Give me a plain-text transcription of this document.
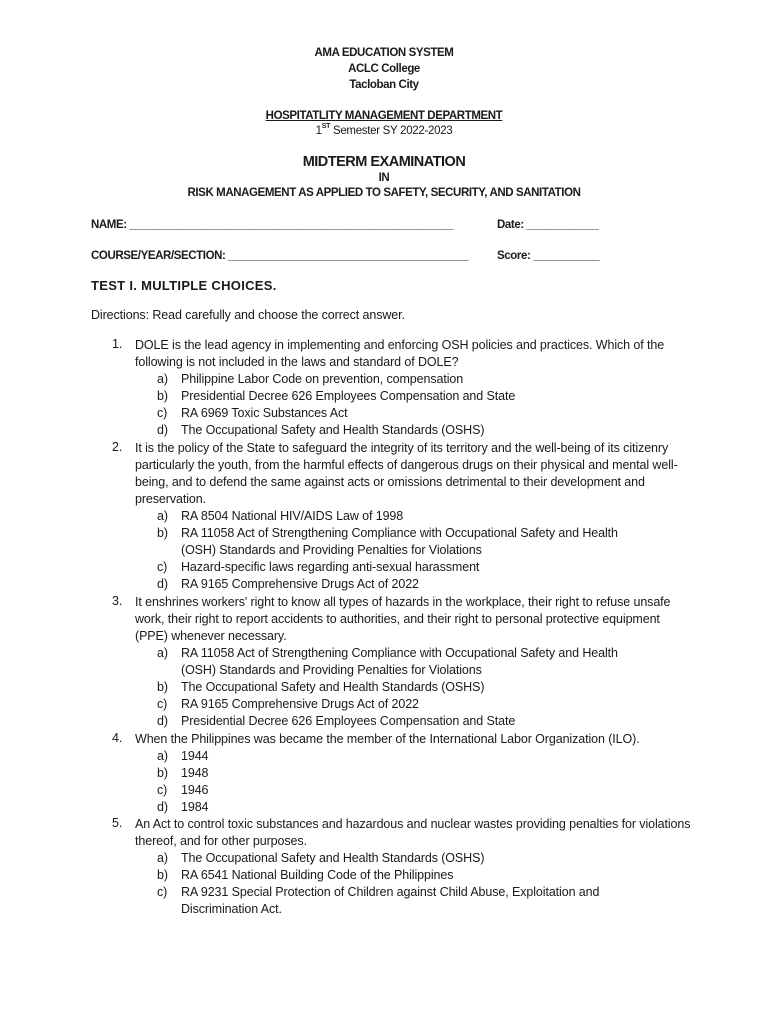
AMA EDUCATION SYSTEM
ACLC College
Tacloban City
HOSPITATLITY MANAGEMENT DEPARTMENT
1ST Semester SY 2022-2023
MIDTERM EXAMINATION
IN
RISK MANAGEMENT AS APPLIED TO SAFETY, SECURITY, AND SANITATION
NAME: ______________________________________________________	Date: ____________
COURSE/YEAR/SECTION: ________________________________________	Score: ___________
TEST I. MULTIPLE CHOICES.
Directions: Read carefully and choose the correct answer.
1.	DOLE is the lead agency in implementing and enforcing OSH policies and practices. Which of the following is not included in the laws and standard of DOLE?
a)	Philippine Labor Code on prevention, compensation
b)	Presidential Decree 626 Employees Compensation and State
c)	RA 6969 Toxic Substances Act
d)	The Occupational Safety and Health Standards (OSHS)
2.	It is the policy of the State to safeguard the integrity of its territory and the well-being of its citizenry particularly the youth, from the harmful effects of dangerous drugs on their physical and mental well-being, and to defend the same against acts or omissions detrimental to their development and preservation.
a)	RA 8504 National HIV/AIDS Law of 1998
b)	RA 11058 Act of Strengthening Compliance with Occupational Safety and Health (OSH) Standards and Providing Penalties for Violations
c)	Hazard-specific laws regarding anti-sexual harassment
d)	RA 9165 Comprehensive Drugs Act of 2022
3.	It enshrines workers' right to know all types of hazards in the workplace, their right to refuse unsafe work, their right to report accidents to authorities, and their right to personal protective equipment (PPE) whenever necessary.
a)	RA 11058 Act of Strengthening Compliance with Occupational Safety and Health (OSH) Standards and Providing Penalties for Violations
b)	The Occupational Safety and Health Standards (OSHS)
c)	RA 9165 Comprehensive Drugs Act of 2022
d)	Presidential Decree 626 Employees Compensation and State
4.	When the Philippines was became the member of the International Labor Organization (ILO).
a)	1944
b)	1948
c)	1946
d)	1984
5.	An Act to control toxic substances and hazardous and nuclear wastes providing penalties for violations thereof, and for other purposes.
a)	The Occupational Safety and Health Standards (OSHS)
b)	RA 6541 National Building Code of the Philippines
c)	RA 9231 Special Protection of Children against Child Abuse, Exploitation and Discrimination Act.
